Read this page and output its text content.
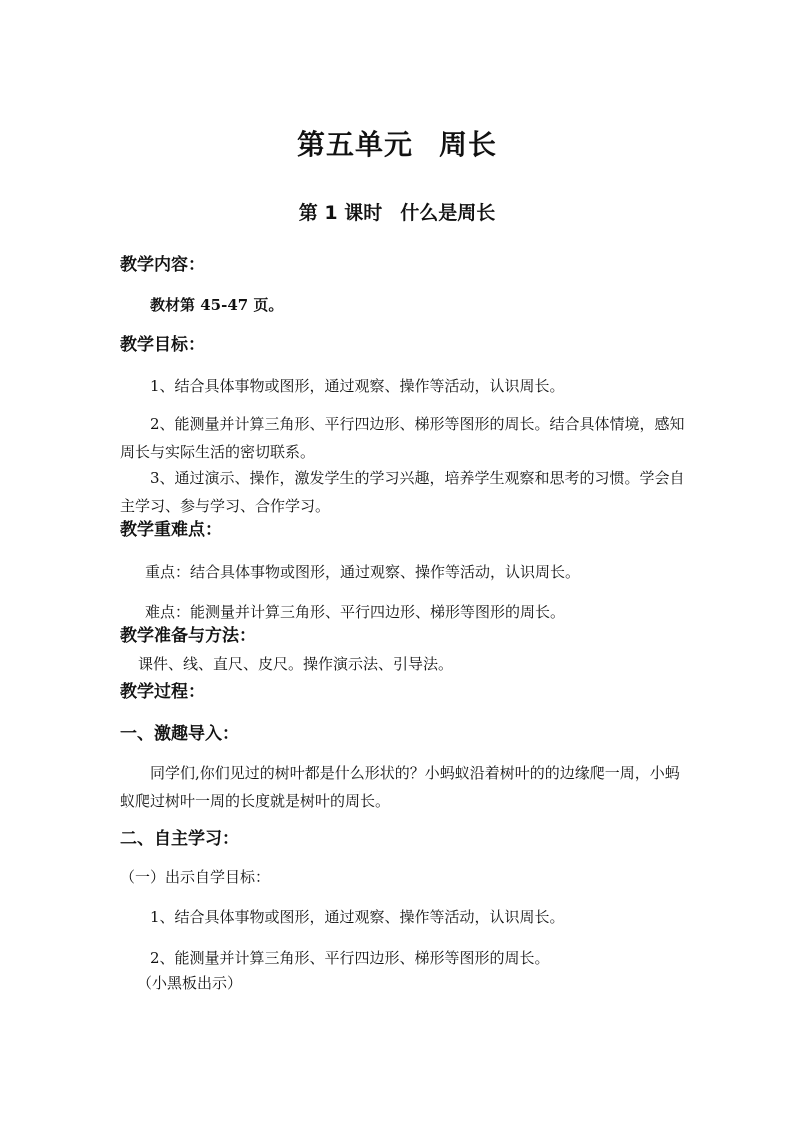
第五单元 周长
第 1 课时 什么是周长
教学内容：
教材第 45-47 页。
教学目标：
1、结合具体事物或图形，通过观察、操作等活动，认识周长。
2、能测量并计算三角形、平行四边形、梯形等图形的周长。结合具体情境，感知周长与实际生活的密切联系。
3、通过演示、操作，激发学生的学习兴趣，培养学生观察和思考的习惯。学会自主学习、参与学习、合作学习。
教学重难点：
重点：结合具体事物或图形，通过观察、操作等活动，认识周长。
难点：能测量并计算三角形、平行四边形、梯形等图形的周长。
教学准备与方法：
课件、线、直尺、皮尺。操作演示法、引导法。
教学过程：
一、激趣导入：
同学们,你们见过的树叶都是什么形状的？小蚂蚁沿着树叶的的边缘爬一周，小蚂蚁爬过树叶一周的长度就是树叶的周长。
二、自主学习：
（一）出示自学目标：
1、结合具体事物或图形，通过观察、操作等活动，认识周长。
2、能测量并计算三角形、平行四边形、梯形等图形的周长。
（小黑板出示）
